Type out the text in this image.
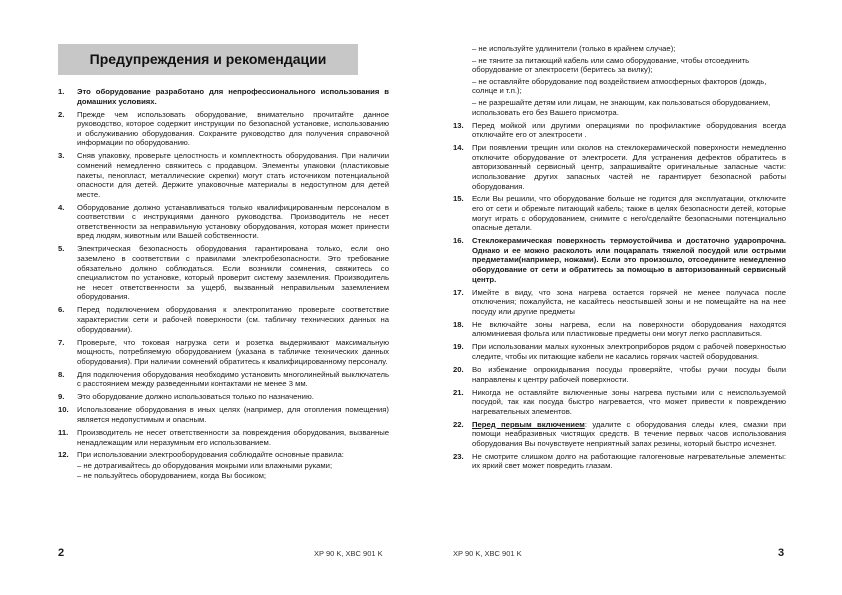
Предупреждения и рекомендации
1. Это оборудование разработано для непрофессионального использования в домашних условиях.
2. Прежде чем использовать оборудование, внимательно прочитайте данное руководство, которое содержит инструкции по безопасной установке, использованию и обслуживанию оборудования. Сохраните руководство для получения справочной информации по оборудованию.
3. Сняв упаковку, проверьте целостность и комплектность оборудования. При наличии сомнений немедленно свяжитесь с продавцом. Элементы упаковки (пластиковые пакеты, пенопласт, металлические скрепки) могут стать источником потенциальной опасности для детей. Держите упаковочные материалы в недоступном для детей месте.
4. Оборудование должно устанавливаться только квалифицированным персоналом в соответствии с инструкциями данного руководства. Производитель не несет ответственности за неправильную установку оборудования, которая может принести вред людям, животным или Вашей собственности.
5. Электрическая безопасность оборудования гарантирована только, если оно заземлено в соответствии с правилами электробезопасности. Это требование обязательно должно соблюдаться. Если возникли сомнения, свяжитесь со специалистом по установке, который проверит систему заземления. Производитель не несет ответственности за ущерб, вызванный неправильным заземлением оборудования.
6. Перед подключением оборудования к электропитанию проверьте соответствие характеристик сети и рабочей поверхности (см. табличку технических данных на оборудовании).
7. Проверьте, что токовая нагрузка сети и розетка выдерживают максимальную мощность, потребляемую оборудованием (указана в табличке технических данных оборудования). При наличии сомнений обратитесь к квалифицированному персоналу.
8. Для подключения оборудования необходимо установить многолинейный выключатель с расстоянием между разведенными контактами не менее 3 мм.
9. Это оборудование должно использоваться только по назначению.
10. Использование оборудования в иных целях (например, для отопления помещения) является недопустимым и опасным.
11. Производитель не несет ответственности за повреждения оборудования, вызванные ненадлежащим или неразумным его использованием.
12. При использовании электрооборудования соблюдайте основные правила:
– не дотрагивайтесь до оборудования мокрыми или влажными руками;
– не пользуйтесь оборудованием, когда Вы босиком;
2	XP 90 K, XBC 901 K
– не используйте удлинители (только в крайнем случае);
– не тяните за питающий кабель или само оборудование, чтобы отсоединить оборудование от электросети (беритесь за вилку);
– не оставляйте оборудование под воздействием атмосферных факторов (дождь, солнце и т.п.);
– не разрешайте детям или лицам, не знающим, как пользоваться оборудованием, использовать его без Вашего присмотра.
13. Перед мойкой или другими операциями по профилактике оборудования всегда отключайте его от электросети .
14. При появлении трещин или сколов на стеклокерамической поверхности немедленно отключите оборудование от электросети. Для устранения дефектов обратитесь в авторизованный сервисный центр, запрашивайте оригинальные запасные части: использование других запасных частей не гарантирует безопасной работы оборудования.
15. Если Вы решили, что оборудование больше не годится для эксплуатации, отключите его от сети и обрежьте питающий кабель; также в целях безопасности детей, которые могут играть с оборудованием, снимите с него/сделайте безопасными потенциально опасные детали.
16. Стеклокерамическая поверхность термоустойчива и достаточно ударопрочна. Однако и ее можно расколоть или поцарапать тяжелой посудой или острыми предметами(например, ножами). Если это произошло, отсоедините немедленно оборудование от сети и обратитесь за помощью в авторизованный сервисный центр.
17. Имейте в виду, что зона нагрева остается горячей не менее получаса после отключения; пожалуйста, не касайтесь неостывшей зоны и не помещайте на на нее посуду или другие предметы
18. Не включайте зоны нагрева, если на поверхности оборудования находятся алюминиевая фольга или пластиковые предметы они могут легко расплавиться.
19. При использовании малых кухонных электроприборов рядом с рабочей поверхностью следите, чтобы их питающие кабели не касались горячих частей оборудования.
20. Во избежание опрокидывания посуды проверяйте, чтобы ручки посуды были направлены к центру рабочей поверхности.
21. Никогда не оставляйте включенные зоны нагрева пустыми или с неиспользуемой посудой, так как посуда быстро нагревается, что может привести к повреждению нагревательных элементов.
22. Перед первым включением: удалите с оборудования следы клея, смазки при помощи неабразивных чистящих средств. В течение первых часов использования оборудования Вы почувствуете неприятный запах резины, который быстро исчезнет.
23. Не смотрите слишком долго на работающие галогеновые нагревательные элементы: их яркий свет может повредить глазам.
XP 90 K, XBC 901 K	3
